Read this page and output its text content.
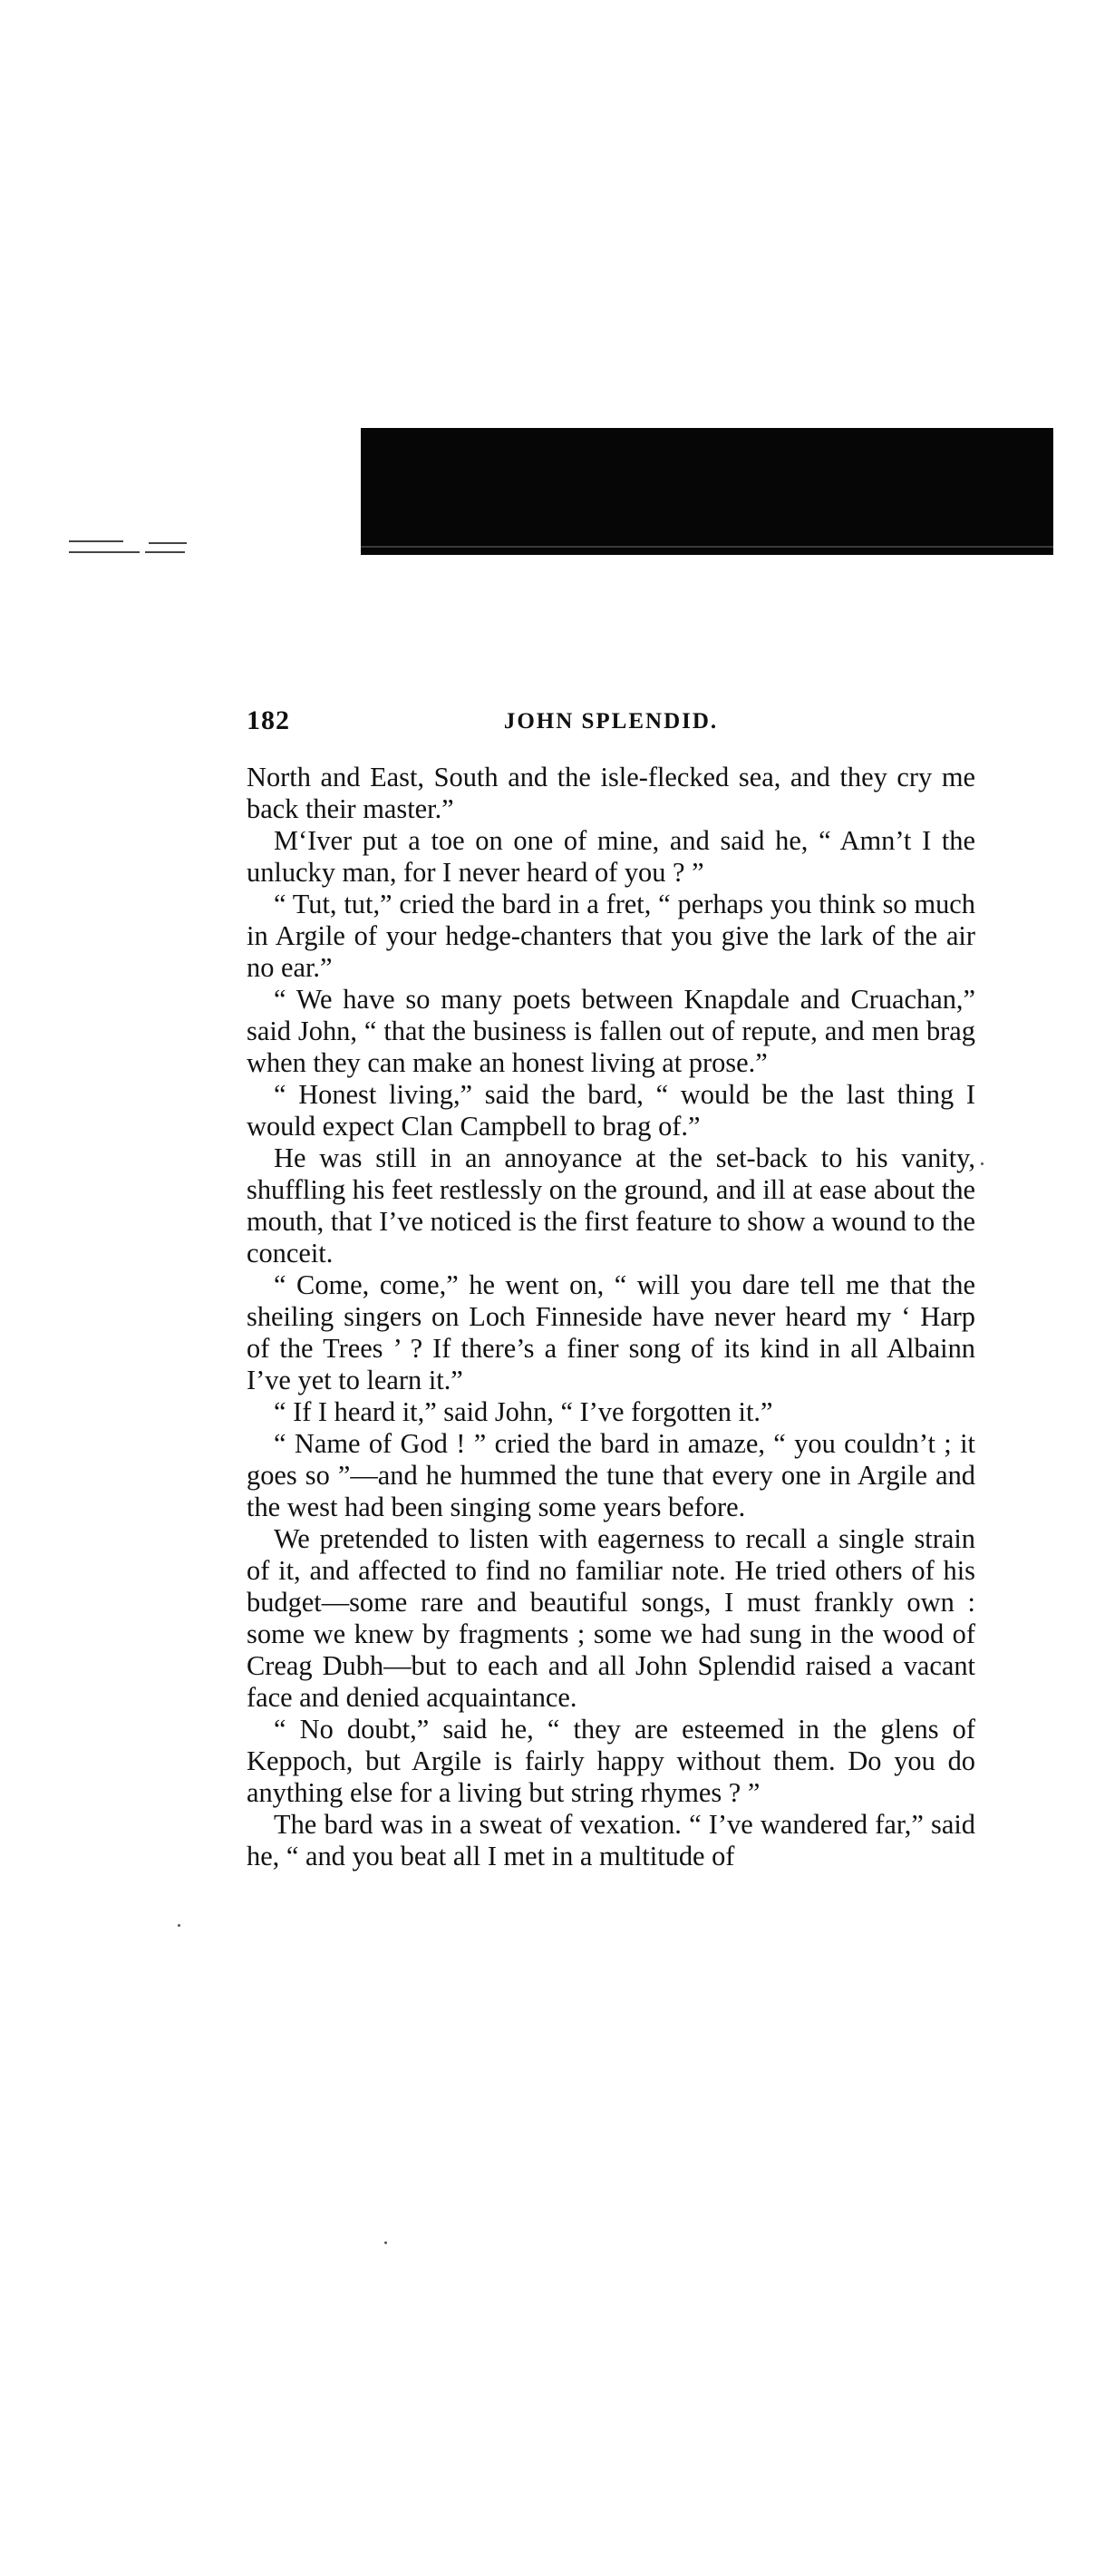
182	JOHN SPLENDID.

North and East, South and the isle-flecked sea, and they cry me back their master.”

M‘Iver put a toe on one of mine, and said he, “ Amn’t I the unlucky man, for I never heard of you ? ”

“ Tut, tut,” cried the bard in a fret, “ perhaps you think so much in Argile of your hedge-chanters that you give the lark of the air no ear.”

“ We have so many poets between Knapdale and Cruachan,” said John, “ that the business is fallen out of repute, and men brag when they can make an honest living at prose.”

“ Honest living,” said the bard, “ would be the last thing I would expect Clan Campbell to brag of.”

He was still in an annoyance at the set-back to his vanity, shuffling his feet restlessly on the ground, and ill at ease about the mouth, that I’ve noticed is the first feature to show a wound to the conceit.

“ Come, come,” he went on, “ will you dare tell me that the sheiling singers on Loch Finneside have never heard my ‘ Harp of the Trees ’ ? If there’s a finer song of its kind in all Albainn I’ve yet to learn it.”

“ If I heard it,” said John, “ I’ve forgotten it.”

“ Name of God ! ” cried the bard in amaze, “ you couldn’t ; it goes so ”—and he hummed the tune that every one in Argile and the west had been singing some years before.

We pretended to listen with eagerness to recall a single strain of it, and affected to find no familiar note. He tried others of his budget—some rare and beautiful songs, I must frankly own : some we knew by fragments ; some we had sung in the wood of Creag Dubh—but to each and all John Splendid raised a vacant face and denied acquaintance.

“ No doubt,” said he, “ they are esteemed in the glens of Keppoch, but Argile is fairly happy without them. Do you do anything else for a living but string rhymes ? ”

The bard was in a sweat of vexation. “ I’ve wandered far,” said he, “ and you beat all I met in a multitude of
